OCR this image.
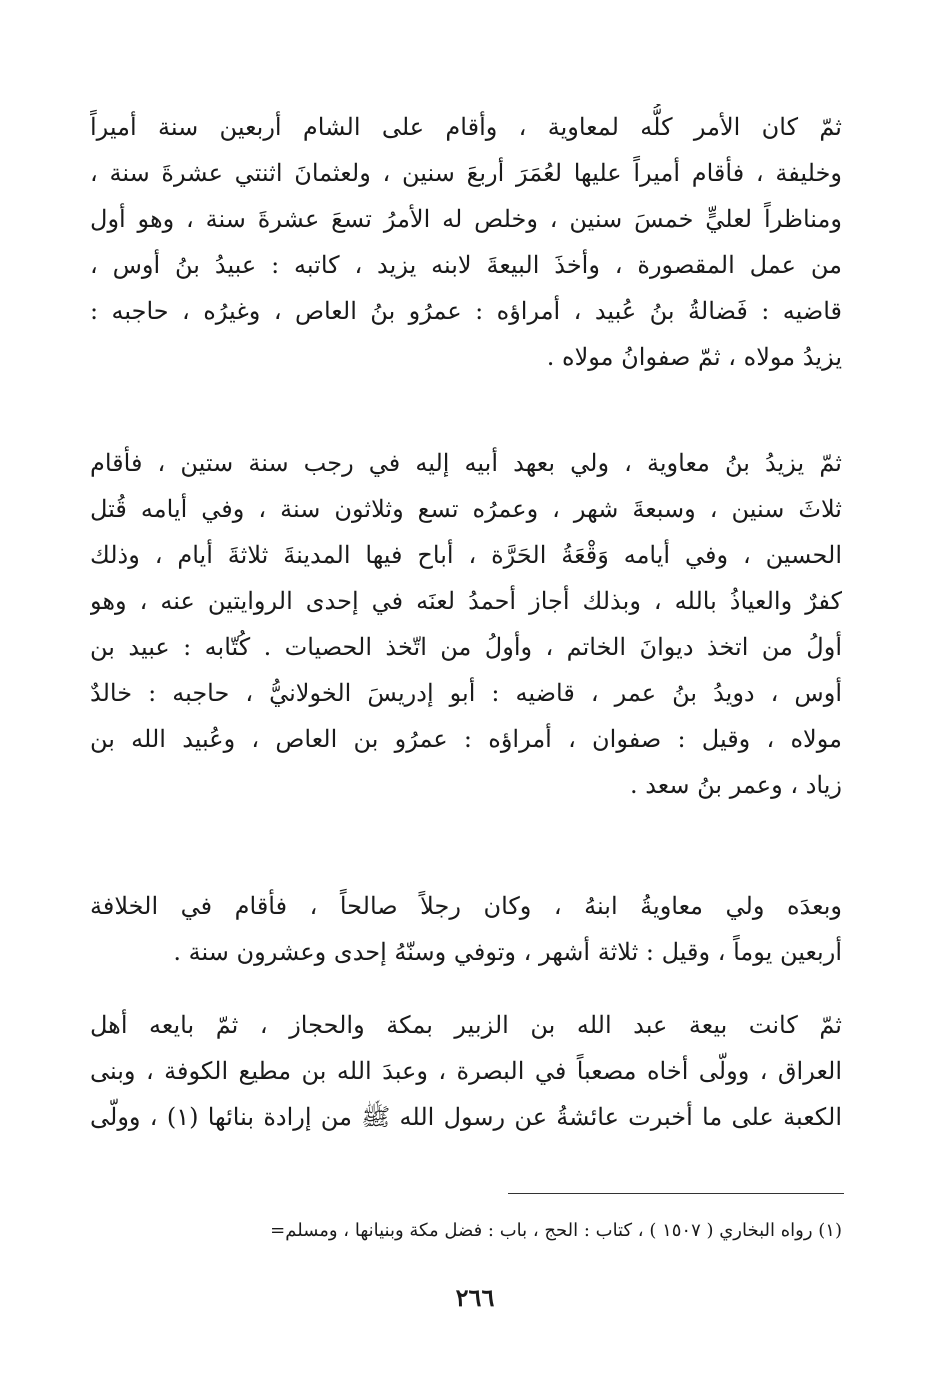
ثمّ كان الأمر كلُّه لمعاوية ، وأقام على الشام أربعين سنة أميراً
وخليفة ، فأقام أميراً عليها لعُمَرَ أربعَ سنين ، ولعثمانَ اثنتي عشرةَ سنة ،
ومناظراً لعليٍّ خمسَ سنين ، وخلص له الأمرُ تسعَ عشرةَ سنة ، وهو أول
من عمل المقصورة ، وأخذَ البيعةَ لابنه يزيد ، كاتبه : عبيدُ بنُ أوس ،
قاضيه : فَضالةُ بنُ عُبيد ، أمراؤه : عمرُو بنُ العاص ، وغيرُه ، حاجبه :
يزيدُ مولاه ، ثمّ صفوانُ مولاه .
ثمّ يزيدُ بنُ معاوية ، ولي بعهد أبيه إليه في رجب سنة ستين ، فأقام
ثلاثَ سنين ، وسبعةَ شهر ، وعمرُه تسع وثلاثون سنة ، وفي أيامه قُتل
الحسين ، وفي أيامه وَقْعَةُ الحَرَّة ، أباح فيها المدينةَ ثلاثةَ أيام ، وذلك
كفرٌ والعياذُ بالله ، وبذلك أجاز أحمدُ لعنَه في إحدى الروايتين عنه ، وهو
أولُ من اتخذ ديوانَ الخاتم ، وأولُ من اتّخذ الحصيات . كُتّابه : عبيد بن
أوس ، دويدُ بنُ عمر ، قاضيه : أبو إدريسَ الخولانيُّ ، حاجبه : خالدٌ
مولاه ، وقيل : صفوان ، أمراؤه : عمرُو بن العاص ، وعُبيد الله بن
زياد ، وعمر بنُ سعد .
وبعدَه ولي معاويةُ ابنهُ ، وكان رجلاً صالحاً ، فأقام في الخلافة
أربعين يوماً ، وقيل : ثلاثة أشهر ، وتوفي وسنّهُ إحدى وعشرون سنة .
ثمّ كانت بيعة عبد الله بن الزبير بمكة والحجاز ، ثمّ بايعه أهل
العراق ، وولّى أخاه مصعباً في البصرة ، وعبدَ الله بن مطيع الكوفة ، وبنى
الكعبة على ما أخبرت عائشةُ عن رسول الله ﷺ من إرادة بنائها (١) ، وولّى
(١) رواه البخاري ( ١٥٠٧ ) ، كتاب : الحج ، باب : فضل مكة وبنيانها ، ومسلم=
٢٦٦
